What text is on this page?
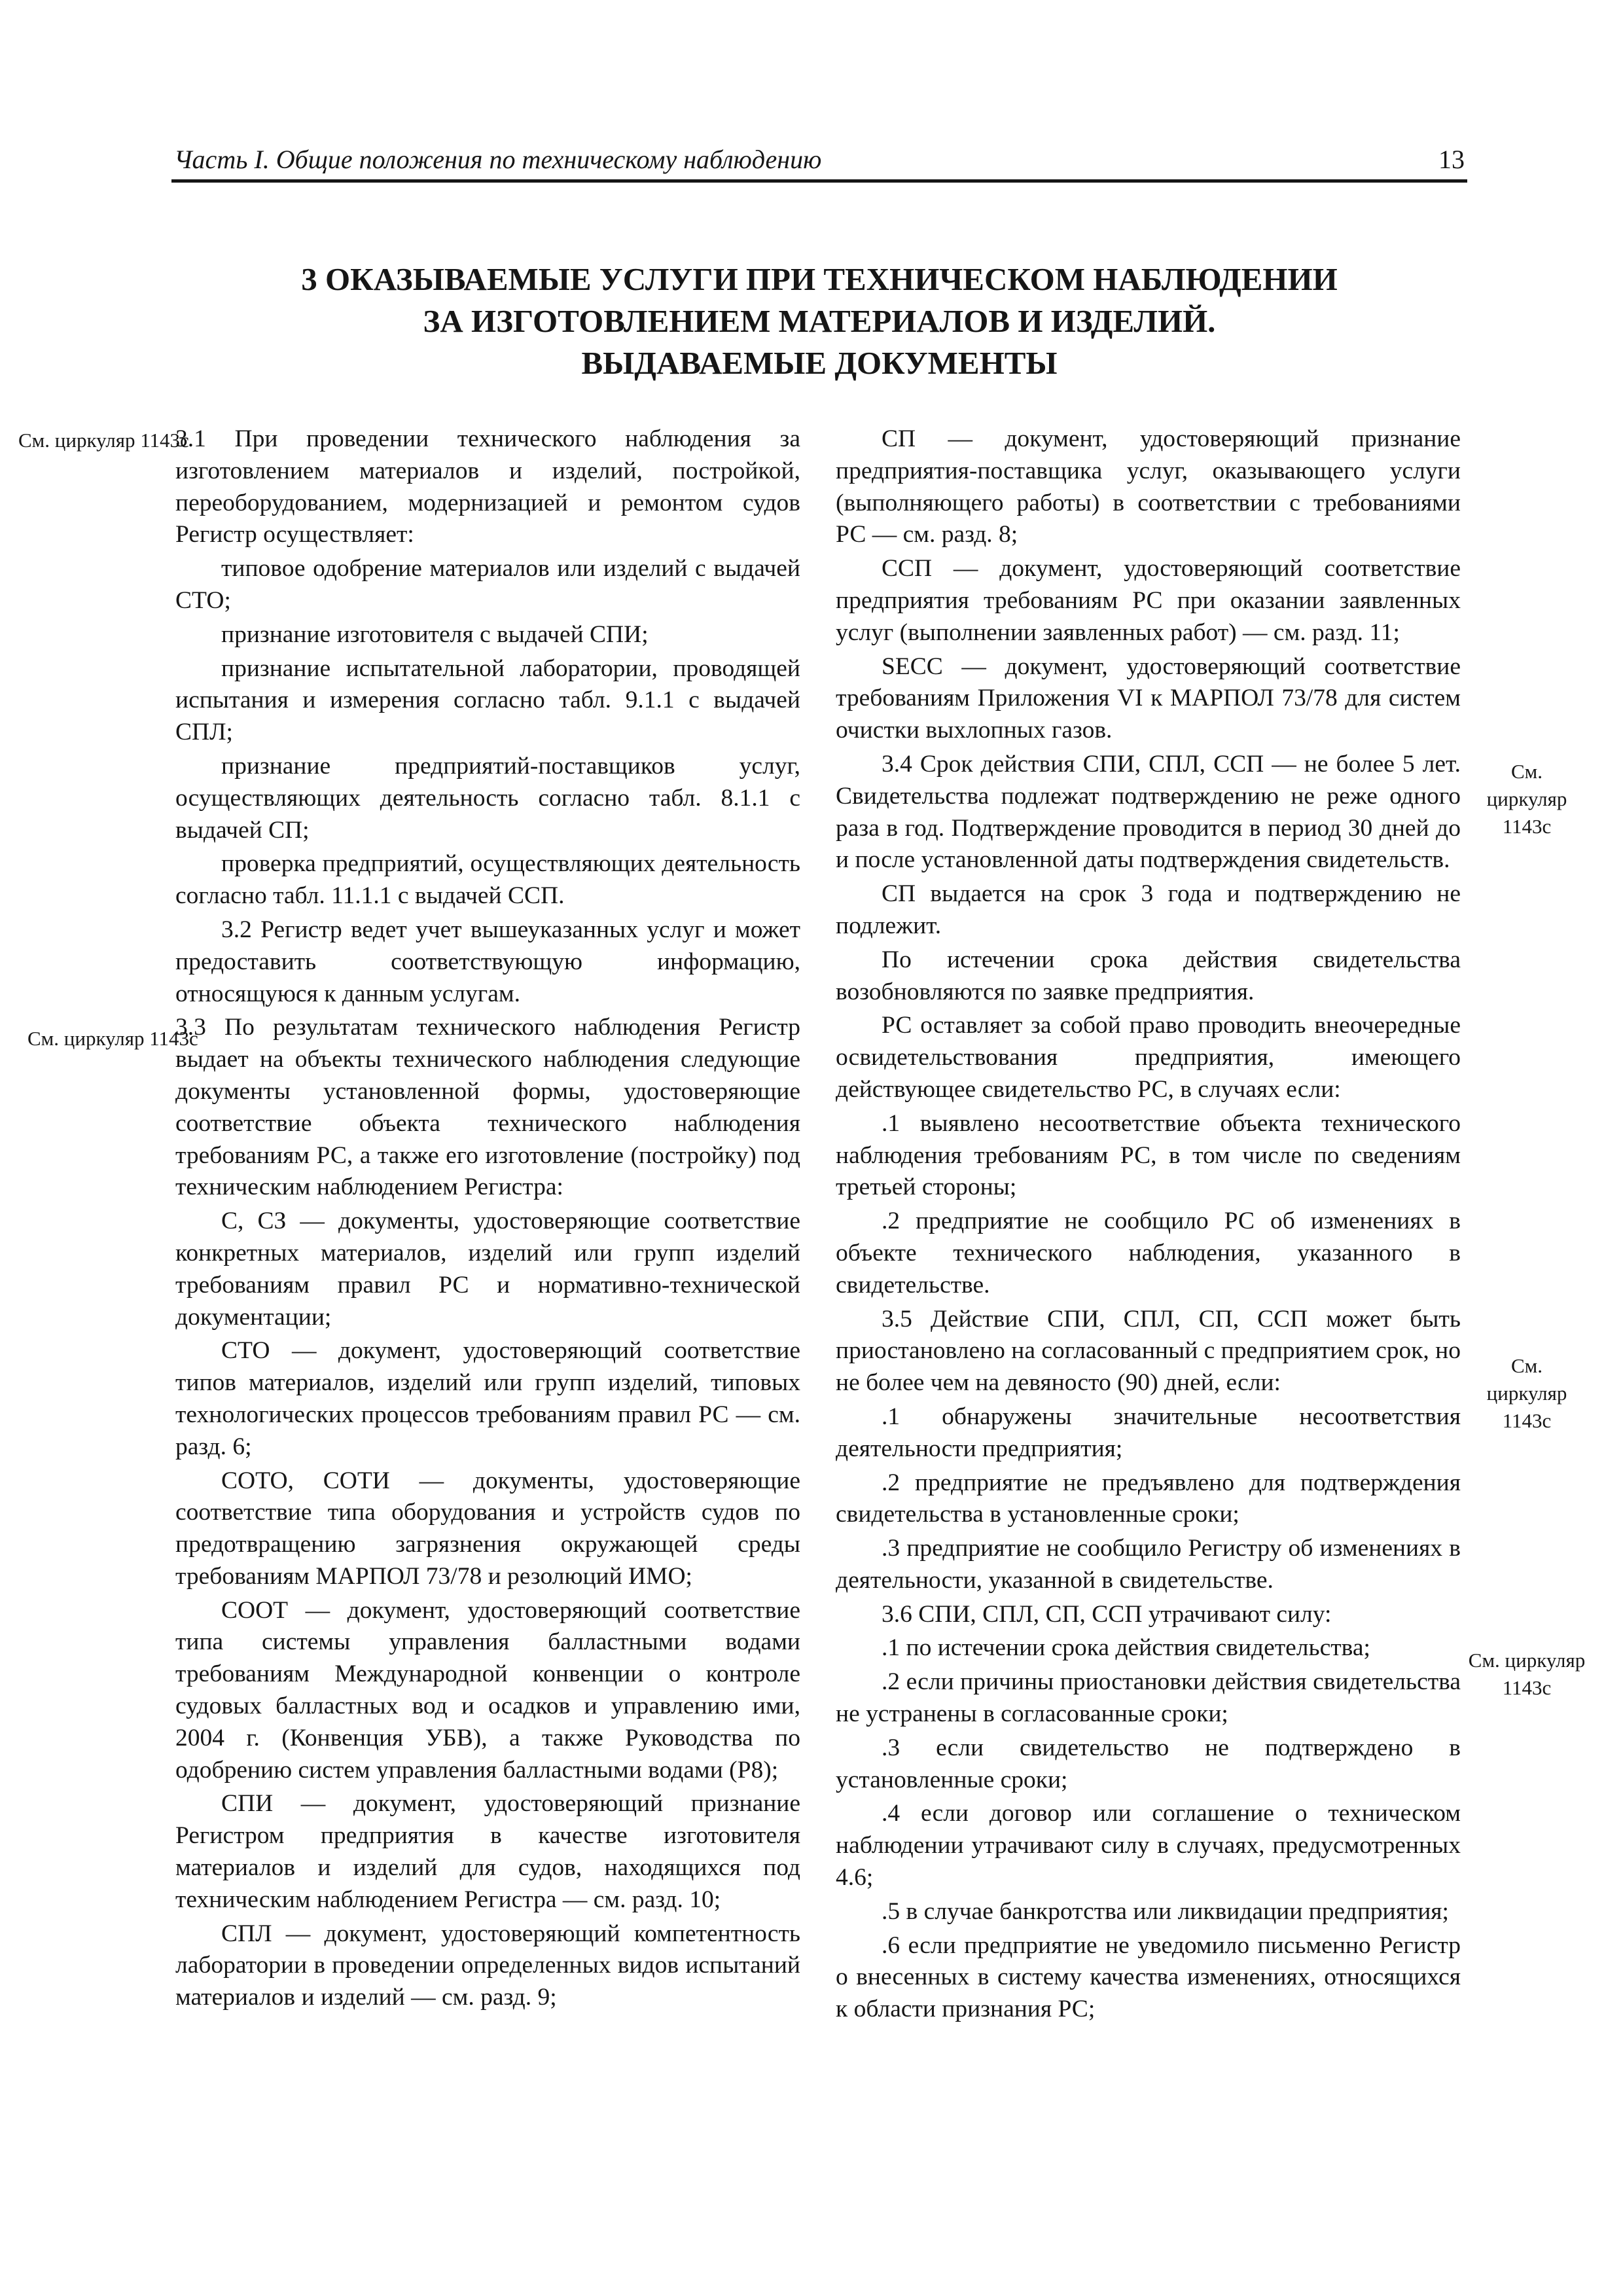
Часть I. Общие положения по техническому наблюдению	13
3 ОКАЗЫВАЕМЫЕ УСЛУГИ ПРИ ТЕХНИЧЕСКОМ НАБЛЮДЕНИИ
ЗА ИЗГОТОВЛЕНИЕМ МАТЕРИАЛОВ И ИЗДЕЛИЙ.
ВЫДАВАЕМЫЕ ДОКУМЕНТЫ
См. циркуляр 1143с
См. циркуляр 1143с
См. циркуляр 1143с
См. циркуляр 1143с
См. циркуляр 1143с

3.1 При проведении технического наблюдения за изготовлением материалов и изделий, постройкой, переоборудованием, модернизацией и ремонтом судов Регистр осуществляет:

типовое одобрение материалов или изделий с выдачей СТО;

признание изготовителя с выдачей СПИ;

признание испытательной лаборатории, проводящей испытания и измерения согласно табл. 9.1.1 с выдачей СПЛ;

признание предприятий-поставщиков услуг, осуществляющих деятельность согласно табл. 8.1.1 с выдачей СП;

проверка предприятий, осуществляющих деятельность согласно табл. 11.1.1 с выдачей ССП.

3.2 Регистр ведет учет вышеуказанных услуг и может предоставить соответствующую информацию, относящуюся к данным услугам.

3.3 По результатам технического наблюдения Регистр выдает на объекты технического наблюдения следующие документы установленной формы, удостоверяющие соответствие объекта технического наблюдения требованиям РС, а также его изготовление (постройку) под техническим наблюдением Регистра:

С, СЗ — документы, удостоверяющие соответствие конкретных материалов, изделий или групп изделий требованиям правил РС и нормативно-технической документации;

СТО — документ, удостоверяющий соответствие типов материалов, изделий или групп изделий, типовых технологических процессов требованиям правил РС — см. разд. 6;

СОТО, СОТИ — документы, удостоверяющие соответствие типа оборудования и устройств судов по предотвращению загрязнения окружающей среды требованиям МАРПОЛ 73/78 и резолюций ИМО;

СООТ — документ, удостоверяющий соответствие типа системы управления балластными водами требованиям Международной конвенции о контроле судовых балластных вод и осадков и управлению ими, 2004 г. (Конвенция УБВ), а также Руководства по одобрению систем управления балластными водами (Р8);

СПИ — документ, удостоверяющий признание Регистром предприятия в качестве изготовителя материалов и изделий для судов, находящихся под техническим наблюдением Регистра — см. разд. 10;

СПЛ — документ, удостоверяющий компетентность лаборатории в проведении определенных видов испытаний материалов и изделий — см. разд. 9;

СП — документ, удостоверяющий признание предприятия-поставщика услуг, оказывающего услуги (выполняющего работы) в соответствии с требованиями РС — см. разд. 8;

ССП — документ, удостоверяющий соответствие предприятия требованиям РС при оказании заявленных услуг (выполнении заявленных работ) — см. разд. 11;

SECC — документ, удостоверяющий соответствие требованиям Приложения VI к МАРПОЛ 73/78 для систем очистки выхлопных газов.

3.4 Срок действия СПИ, СПЛ, ССП — не более 5 лет. Свидетельства подлежат подтверждению не реже одного раза в год. Подтверждение проводится в период 30 дней до и после установленной даты подтверждения свидетельств.

СП выдается на срок 3 года и подтверждению не подлежит.

По истечении срока действия свидетельства возобновляются по заявке предприятия.

РС оставляет за собой право проводить внеочередные освидетельствования предприятия, имеющего действующее свидетельство РС, в случаях если:

.1 выявлено несоответствие объекта технического наблюдения требованиям РС, в том числе по сведениям третьей стороны;

.2 предприятие не сообщило РС об изменениях в объекте технического наблюдения, указанного в свидетельстве.

3.5 Действие СПИ, СПЛ, СП, ССП может быть приостановлено на согласованный с предприятием срок, но не более чем на девяносто (90) дней, если:

.1 обнаружены значительные несоответствия деятельности предприятия;

.2 предприятие не предъявлено для подтверждения свидетельства в установленные сроки;

.3 предприятие не сообщило Регистру об изменениях в деятельности, указанной в свидетельстве.

3.6 СПИ, СПЛ, СП, ССП утрачивают силу:

.1 по истечении срока действия свидетельства;

.2 если причины приостановки действия свидетельства не устранены в согласованные сроки;

.3 если свидетельство не подтверждено в установленные сроки;

.4 если договор или соглашение о техническом наблюдении утрачивают силу в случаях, предусмотренных 4.6;

.5 в случае банкротства или ликвидации предприятия;

.6 если предприятие не уведомило письменно Регистр о внесенных в систему качества изменениях, относящихся к области признания РС;
